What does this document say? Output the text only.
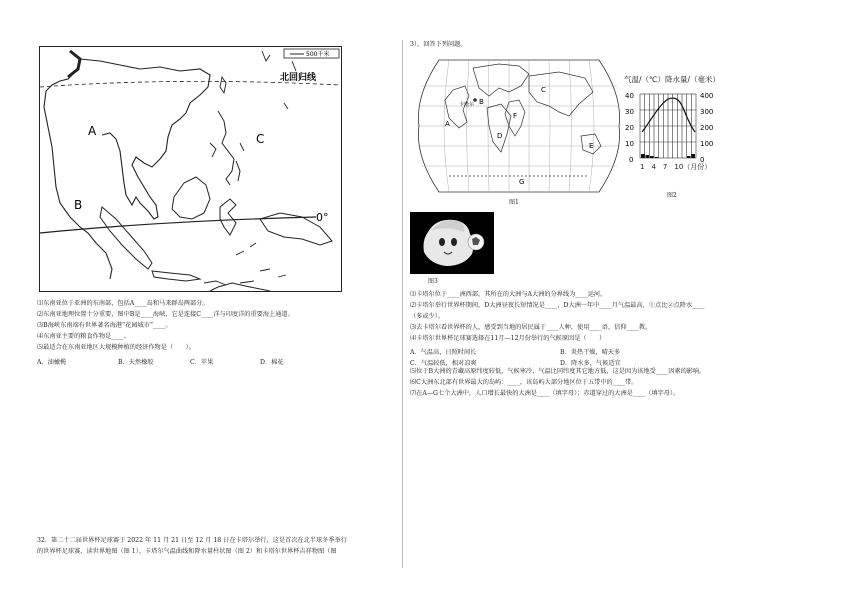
500千米
北回归线
0°
A
B
C
⑴东南亚位于亚洲的东南部，包括A____岛和马来群岛两部分。
⑵东南亚地理位置十分重要，图中B是____海峡，它是连接C____洋与印度洋的重要海上通道。
⑶B海峡东南端有世界著名海港“花园城市”____。
⑷东南亚主要的粮食作物是____。
⑸最适合在东南亚地区大规模种植的经济作物是（　　）。
A．油橄榄	B．天然橡胶	C．苹果	D．棉花
32．第二十二届世界杯足球赛于 2022 年 11 月 21 日至 12 月 18 日在卡塔尔举行，这是首次在北半球冬季举行
的世界杯足球赛，读世界地图（图 1）、卡塔尔气温曲线和降水量柱状图（图 2）和卡塔尔世界杯吉祥物图（图
3），回答下列问题。
卡塔尔 B
A
D
C
E
F
G
图1
气温/（℃）降水量/（毫米）
40
30
20
10
0
400
300
200
100
0
1　4　7　10（月份）
图2
图3
⑴卡塔尔位于____洲西部，其所在的大洲与A大洲的分界线为____运河。
⑵卡塔尔举行世界杯期间，D大洲昼夜长短情况是____，D大洲一年中____月气温最高，①点比②点降水____
（多或少）。
⑶去卡塔尔看世界杯的人，感受到当地的居民属于____人种，使用____语，信仰____教。
⑷卡塔尔世界杯足球赛选择在11月—12月份举行的气候原因是（　　）
A．气温高，日照时间长	B．炎热干燥，晴天多
C．气温较低，相对凉爽	D．降水多，气候适宜
⑸位于B大洲的青藏高原纬度较低，气候寒冷，气温比同纬度其它地方低，这是因为该地受____因素的影响。
⑹C大洲东北部有世界最大的岛屿：____，该岛屿大部分地区位于五带中的____带。
⑺在A—G七个大洲中，人口增长最快的大洲是____（填字母）；赤道穿过的大洲是____（填字母）。
